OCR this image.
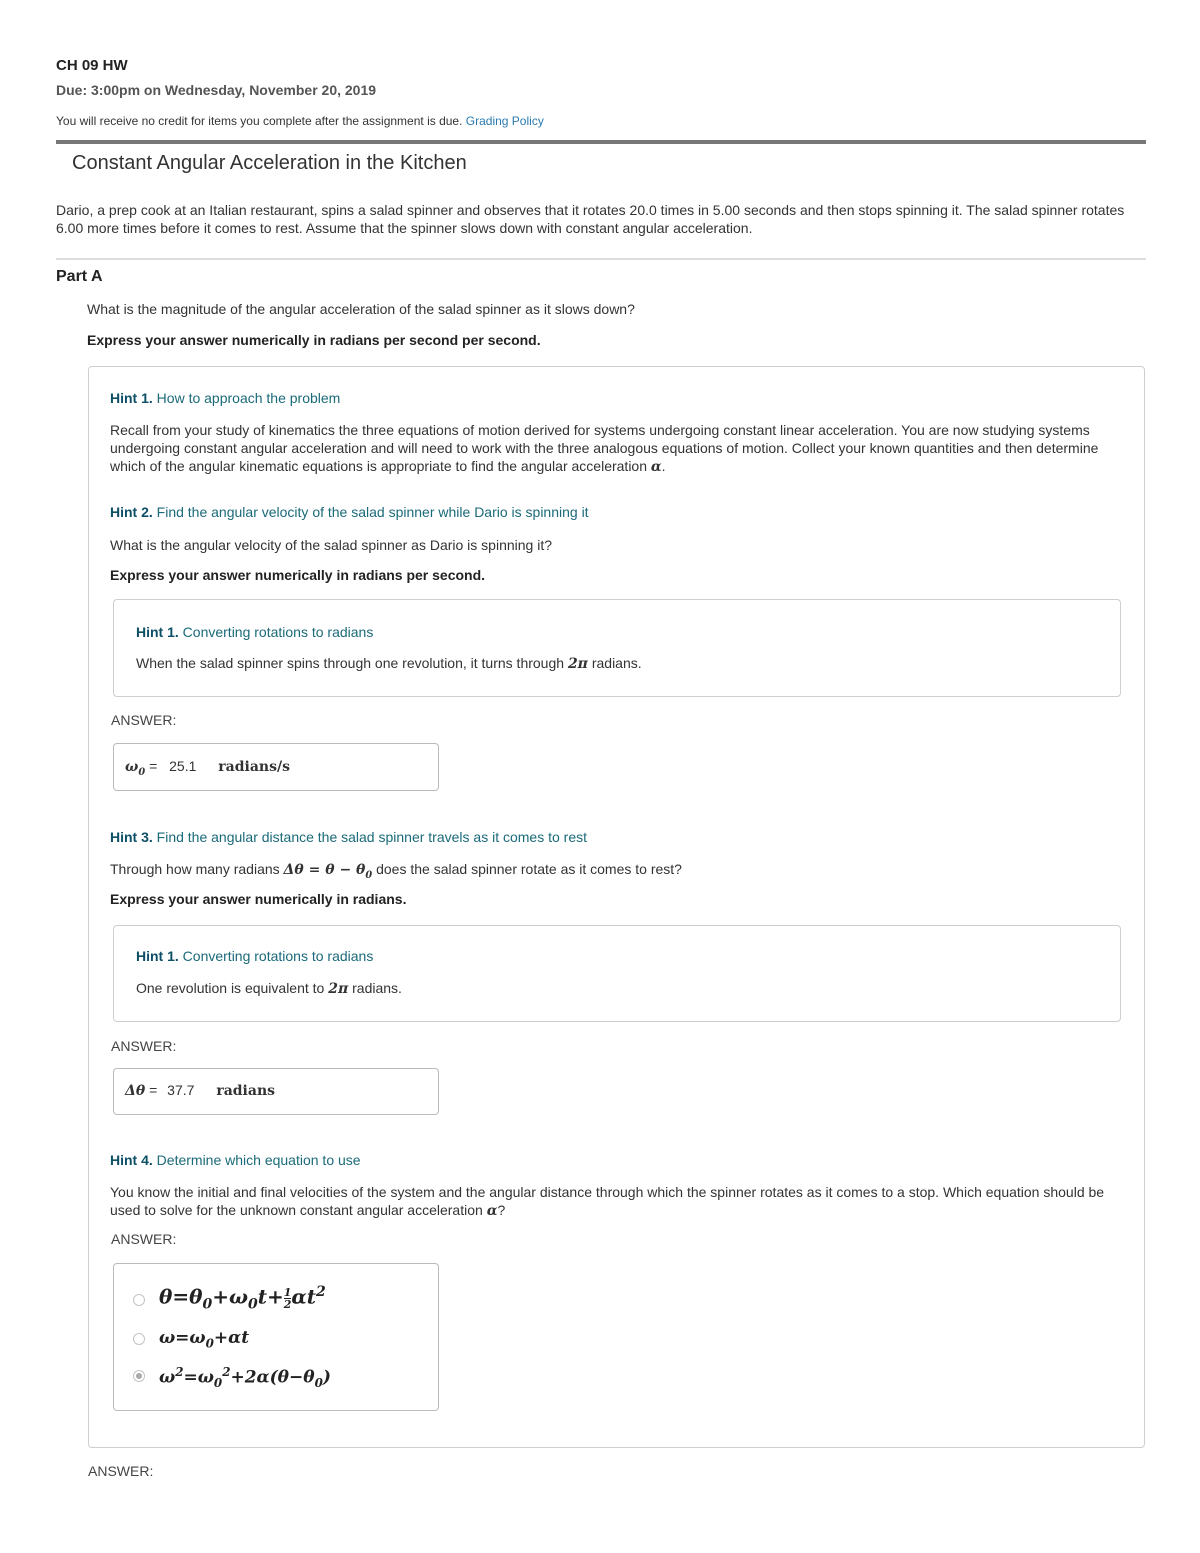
CH 09 HW
Due: 3:00pm on Wednesday, November 20, 2019
You will receive no credit for items you complete after the assignment is due. Grading Policy
Constant Angular Acceleration in the Kitchen
Dario, a prep cook at an Italian restaurant, spins a salad spinner and observes that it rotates 20.0 times in 5.00 seconds and then stops spinning it. The salad spinner rotates 6.00 more times before it comes to rest. Assume that the spinner slows down with constant angular acceleration.
Part A
What is the magnitude of the angular acceleration of the salad spinner as it slows down?
Express your answer numerically in radians per second per second.
Hint 1. How to approach the problem
Recall from your study of kinematics the three equations of motion derived for systems undergoing constant linear acceleration. You are now studying systems undergoing constant angular acceleration and will need to work with the three analogous equations of motion. Collect your known quantities and then determine which of the angular kinematic equations is appropriate to find the angular acceleration α.
Hint 2. Find the angular velocity of the salad spinner while Dario is spinning it
What is the angular velocity of the salad spinner as Dario is spinning it?
Express your answer numerically in radians per second.
Hint 1. Converting rotations to radians
When the salad spinner spins through one revolution, it turns through 2π radians.
ANSWER:
$\omega_0 = 25.1$ radians/s
Hint 3. Find the angular distance the salad spinner travels as it comes to rest
Through how many radians $\Delta\theta = \theta - \theta_0$ does the salad spinner rotate as it comes to rest?
Express your answer numerically in radians.
Hint 1. Converting rotations to radians
One revolution is equivalent to 2π radians.
ANSWER:
Δθ = 37.7 radians
Hint 4. Determine which equation to use
You know the initial and final velocities of the system and the angular distance through which the spinner rotates as it comes to a stop. Which equation should be used to solve for the unknown constant angular acceleration α?
ANSWER:
$\theta=\theta_0+\omega_0t+ \frac{1}{2} \alpha t^2$
$\omega=\omega_0+\alpha t$
$\omega^2=\omega_0^2+2\alpha(\theta-\theta_0)$
ANSWER:
